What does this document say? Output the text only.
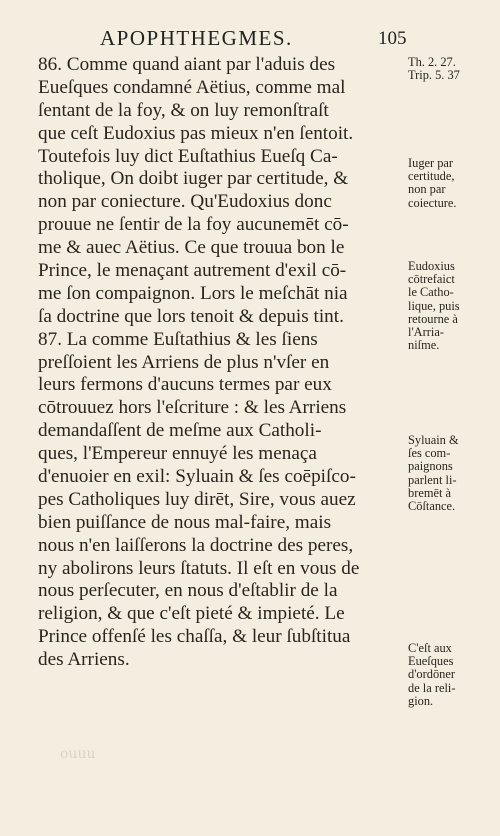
ouuu
APOPHTHEGMES.	105
86. Comme quand aiant par l'aduis des
Eueſques condamné Aëtius, comme mal
ſentant de la foy, & on luy remonſtraſt
que ceſt Eudoxius pas mieux n'en ſentoit.
Toutefois luy dict Euſtathius Eueſq Ca-
tholique, On doibt iuger par certitude, &
non par coniecture. Qu'Eudoxius donc
prouue ne ſentir de la foy aucunemēt cō-
me & auec Aëtius. Ce que trouua bon le
Prince, le menaçant autrement d'exil cō-
me ſon compaignon. Lors le meſchāt nia
ſa doctrine que lors tenoit & depuis tint.
87. La comme Euſtathius & les ſiens
preſſoient les Arriens de plus n'vſer en
leurs fermons d'aucuns termes par eux
cōtrouuez hors l'eſcriture : & les Arriens
demandaſſent de meſme aux Catholi-
ques, l'Empereur ennuyé les menaça
d'enuoier en exil: Syluain & ſes coēpiſco-
pes Catholiques luy dirēt, Sire, vous auez
bien puiſſance de nous mal-faire, mais
nous n'en laiſſerons la doctrine des peres,
ny abolirons leurs ſtatuts. Il eſt en vous de
nous perſecuter, en nous d'eſtablir de la
religion, & que c'eſt pieté & impieté. Le
Prince offenſé les chaſſa, & leur ſubſtitua
des Arriens.
Th. 2. 27.
Trip. 5. 37
Iuger par
certitude,
non par
coiecture.
Eudoxius
cōtrefaict
le Catho-
lique, puis
retourne à
l'Arria-
niſme.
Syluain &
ſes com-
paignons
parlent li-
bremēt à
Cōſtance.
C'eſt aux
Eueſques
d'ordōner
de la reli-
gion.
